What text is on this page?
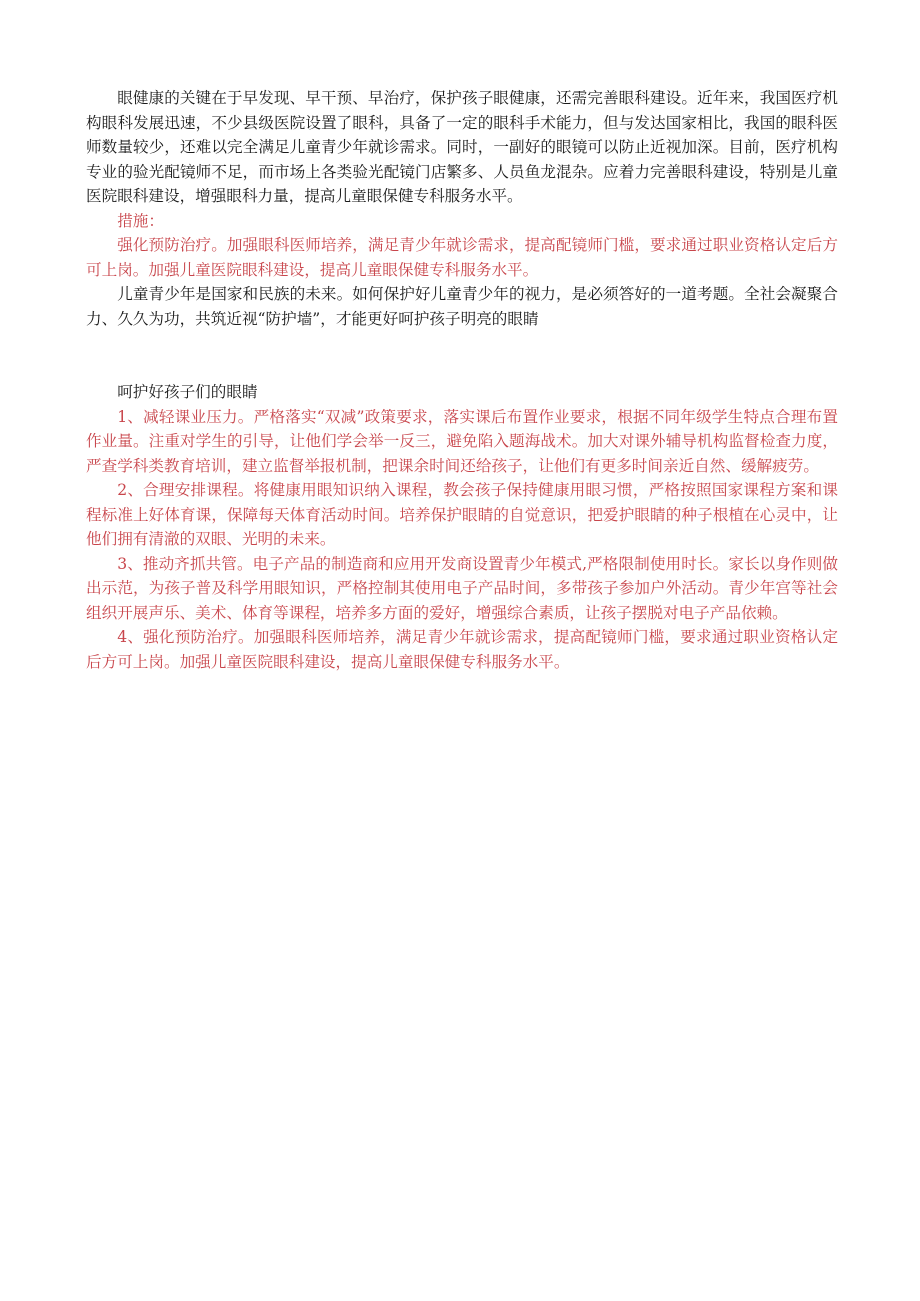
眼健康的关键在于早发现、早干预、早治疗，保护孩子眼健康，还需完善眼科建设。近年来，我国医疗机构眼科发展迅速，不少县级医院设置了眼科，具备了一定的眼科手术能力，但与发达国家相比，我国的眼科医师数量较少，还难以完全满足儿童青少年就诊需求。同时，一副好的眼镜可以防止近视加深。目前，医疗机构专业的验光配镜师不足，而市场上各类验光配镜门店繁多、人员鱼龙混杂。应着力完善眼科建设，特别是儿童医院眼科建设，增强眼科力量，提高儿童眼保健专科服务水平。

措施：

强化预防治疗。加强眼科医师培养，满足青少年就诊需求，提高配镜师门槛，要求通过职业资格认定后方可上岗。加强儿童医院眼科建设，提高儿童眼保健专科服务水平。

儿童青少年是国家和民族的未来。如何保护好儿童青少年的视力，是必须答好的一道考题。全社会凝聚合力、久久为功，共筑近视“防护墙”，才能更好呵护孩子明亮的眼睛

呵护好孩子们的眼睛

1、减轻课业压力。严格落实“双减”政策要求，落实课后布置作业要求，根据不同年级学生特点合理布置作业量。注重对学生的引导，让他们学会举一反三，避免陷入题海战术。加大对课外辅导机构监督检查力度，严查学科类教育培训，建立监督举报机制，把课余时间还给孩子，让他们有更多时间亲近自然、缓解疲劳。

2、合理安排课程。将健康用眼知识纳入课程，教会孩子保持健康用眼习惯，严格按照国家课程方案和课程标准上好体育课，保障每天体育活动时间。培养保护眼睛的自觉意识，把爱护眼睛的种子根植在心灵中，让他们拥有清澈的双眼、光明的未来。

3、推动齐抓共管。电子产品的制造商和应用开发商设置青少年模式,严格限制使用时长。家长以身作则做出示范，为孩子普及科学用眼知识，严格控制其使用电子产品时间，多带孩子参加户外活动。青少年宫等社会组织开展声乐、美术、体育等课程，培养多方面的爱好，增强综合素质，让孩子摆脱对电子产品依赖。

4、强化预防治疗。加强眼科医师培养，满足青少年就诊需求，提高配镜师门槛，要求通过职业资格认定后方可上岗。加强儿童医院眼科建设，提高儿童眼保健专科服务水平。
